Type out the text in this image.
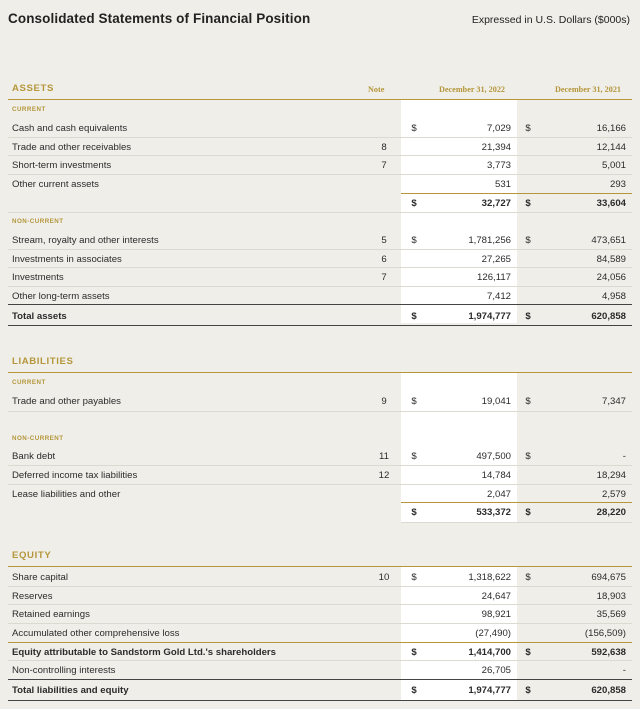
Consolidated Statements of Financial Position	Expressed in U.S. Dollars ($000s)
ASSETS	Note	December 31, 2022	December 31, 2021
CURRENT
Cash and cash equivalents	$	7,029	$	16,166
Trade and other receivables	8	21,394	12,144
Short-term investments	7	3,773	5,001
Other current assets	531	293
$	32,727	$	33,604
NON-CURRENT
Stream, royalty and other interests	5	$	1,781,256	$	473,651
Investments in associates	6	27,265	84,589
Investments	7	126,117	24,056
Other long-term assets	7,412	4,958
Total assets	$	1,974,777	$	620,858
LIABILITIES
CURRENT
Trade and other payables	9	$	19,041	$	7,347
NON-CURRENT
Bank debt	11	$	497,500	$	-
Deferred income tax liabilities	12	14,784	18,294
Lease liabilities and other	2,047	2,579
$	533,372	$	28,220
EQUITY
Share capital	10	$	1,318,622	$	694,675
Reserves	24,647	18,903
Retained earnings	98,921	35,569
Accumulated other comprehensive loss	(27,490)	(156,509)
Equity attributable to Sandstorm Gold Ltd.'s shareholders	$	1,414,700	$	592,638
Non-controlling interests	26,705	-
Total liabilities and equity	$	1,974,777	$	620,858
